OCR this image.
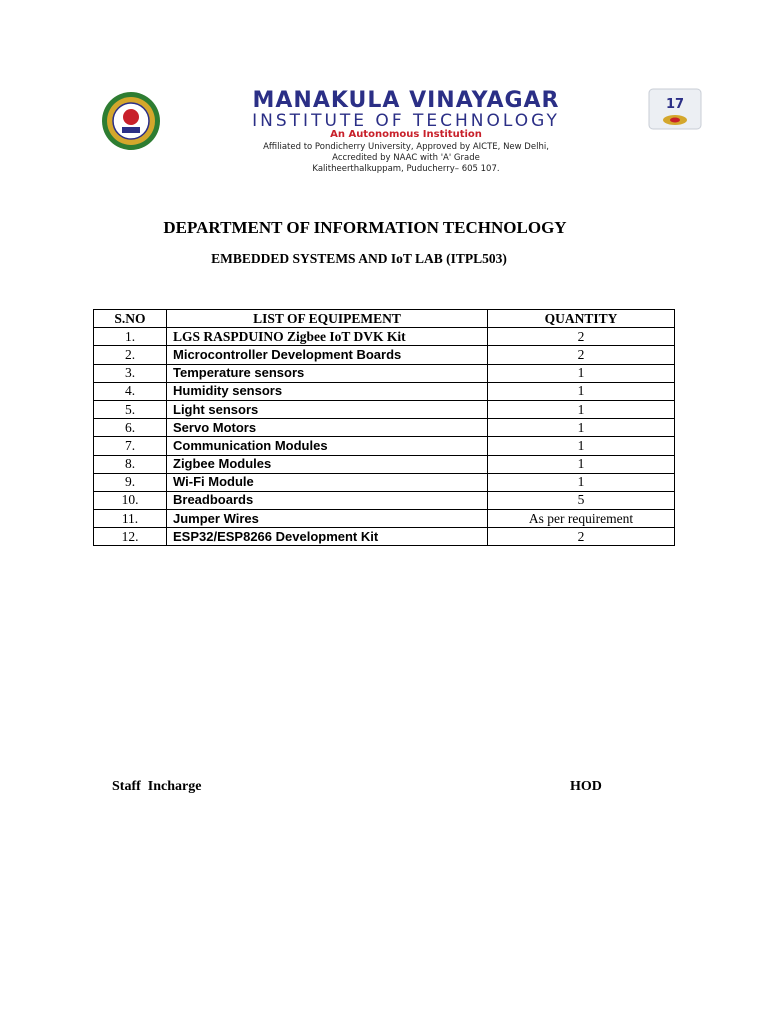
MANAKULA VINAYAGAR
INSTITUTE OF TECHNOLOGY
An Autonomous Institution
Affiliated to Pondicherry University, Approved by AICTE, New Delhi,
Accredited by NAAC with 'A' Grade
Kalitheerthalkuppam, Puducherry– 605 107.
17
DEPARTMENT OF INFORMATION TECHNOLOGY
EMBEDDED SYSTEMS AND IoT LAB (ITPL503)
S.NO	LIST OF EQUIPEMENT	QUANTITY
1.	LGS RASPDUINO Zigbee IoT DVK Kit	2
2.	Microcontroller Development Boards	2
3.	Temperature sensors	1
4.	Humidity sensors	1
5.	Light sensors	1
6.	Servo Motors	1
7.	Communication Modules	1
8.	Zigbee Modules	1
9.	Wi-Fi Module	1
10.	Breadboards	5
11.	Jumper Wires	As per requirement
12.	ESP32/ESP8266 Development Kit	2
Staff  Incharge	HOD
